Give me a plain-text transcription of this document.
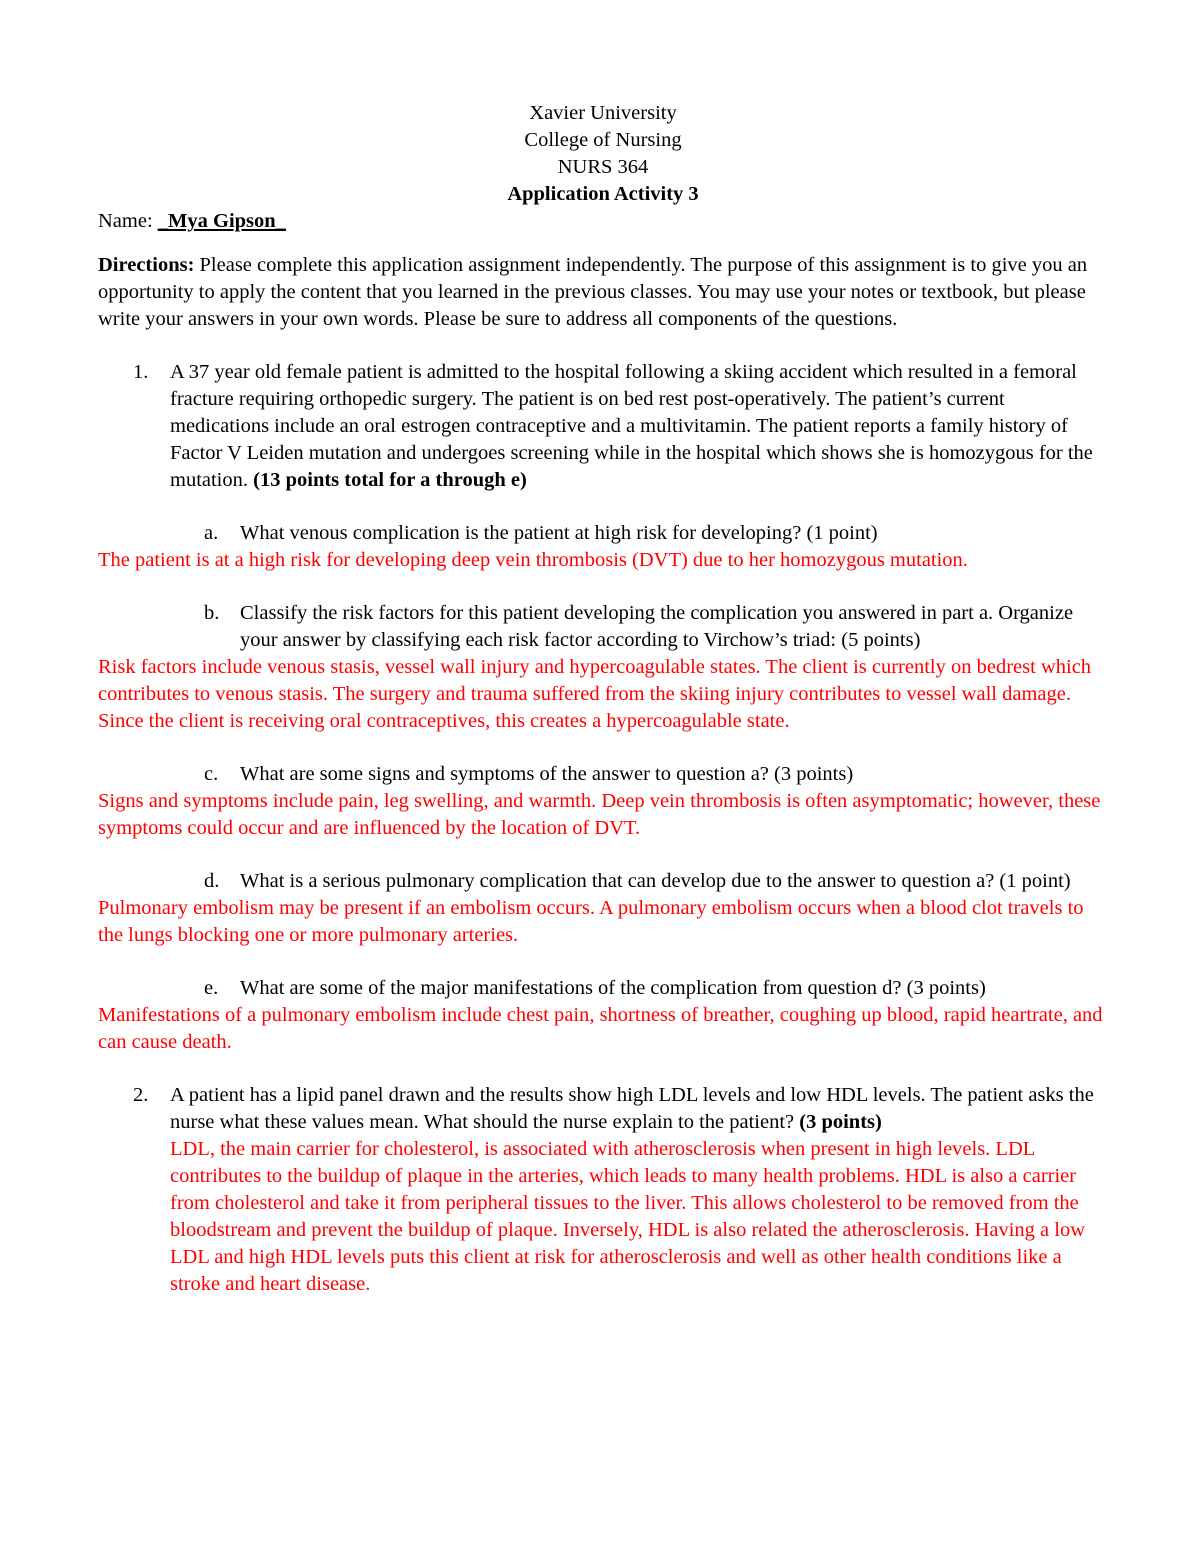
Xavier University

College of Nursing

NURS 364

Application Activity 3

Name: _Mya Gipson_

Directions: Please complete this application assignment independently. The purpose of this assignment is to give you an opportunity to apply the content that you learned in the previous classes. You may use your notes or textbook, but please write your answers in your own words. Please be sure to address all components of the questions.

1. A 37 year old female patient is admitted to the hospital following a skiing accident which resulted in a femoral fracture requiring orthopedic surgery. The patient is on bed rest post-operatively. The patient’s current medications include an oral estrogen contraceptive and a multivitamin. The patient reports a family history of Factor V Leiden mutation and undergoes screening while in the hospital which shows she is homozygous for the mutation. (13 points total for a through e)

a. What venous complication is the patient at high risk for developing? (1 point)

The patient is at a high risk for developing deep vein thrombosis (DVT) due to her homozygous mutation.

b. Classify the risk factors for this patient developing the complication you answered in part a. Organize your answer by classifying each risk factor according to Virchow’s triad: (5 points)

Risk factors include venous stasis, vessel wall injury and hypercoagulable states. The client is currently on bedrest which contributes to venous stasis. The surgery and trauma suffered from the skiing injury contributes to vessel wall damage. Since the client is receiving oral contraceptives, this creates a hypercoagulable state.

c. What are some signs and symptoms of the answer to question a? (3 points)

Signs and symptoms include pain, leg swelling, and warmth. Deep vein thrombosis is often asymptomatic; however, these symptoms could occur and are influenced by the location of DVT.

d. What is a serious pulmonary complication that can develop due to the answer to question a? (1 point)

Pulmonary embolism may be present if an embolism occurs. A pulmonary embolism occurs when a blood clot travels to the lungs blocking one or more pulmonary arteries.

e. What are some of the major manifestations of the complication from question d? (3 points)

Manifestations of a pulmonary embolism include chest pain, shortness of breather, coughing up blood, rapid heartrate, and can cause death.

2. A patient has a lipid panel drawn and the results show high LDL levels and low HDL levels. The patient asks the nurse what these values mean. What should the nurse explain to the patient? (3 points)

LDL, the main carrier for cholesterol, is associated with atherosclerosis when present in high levels. LDL contributes to the buildup of plaque in the arteries, which leads to many health problems. HDL is also a carrier from cholesterol and take it from peripheral tissues to the liver. This allows cholesterol to be removed from the bloodstream and prevent the buildup of plaque. Inversely, HDL is also related the atherosclerosis. Having a low LDL and high HDL levels puts this client at risk for atherosclerosis and well as other health conditions like a stroke and heart disease.
